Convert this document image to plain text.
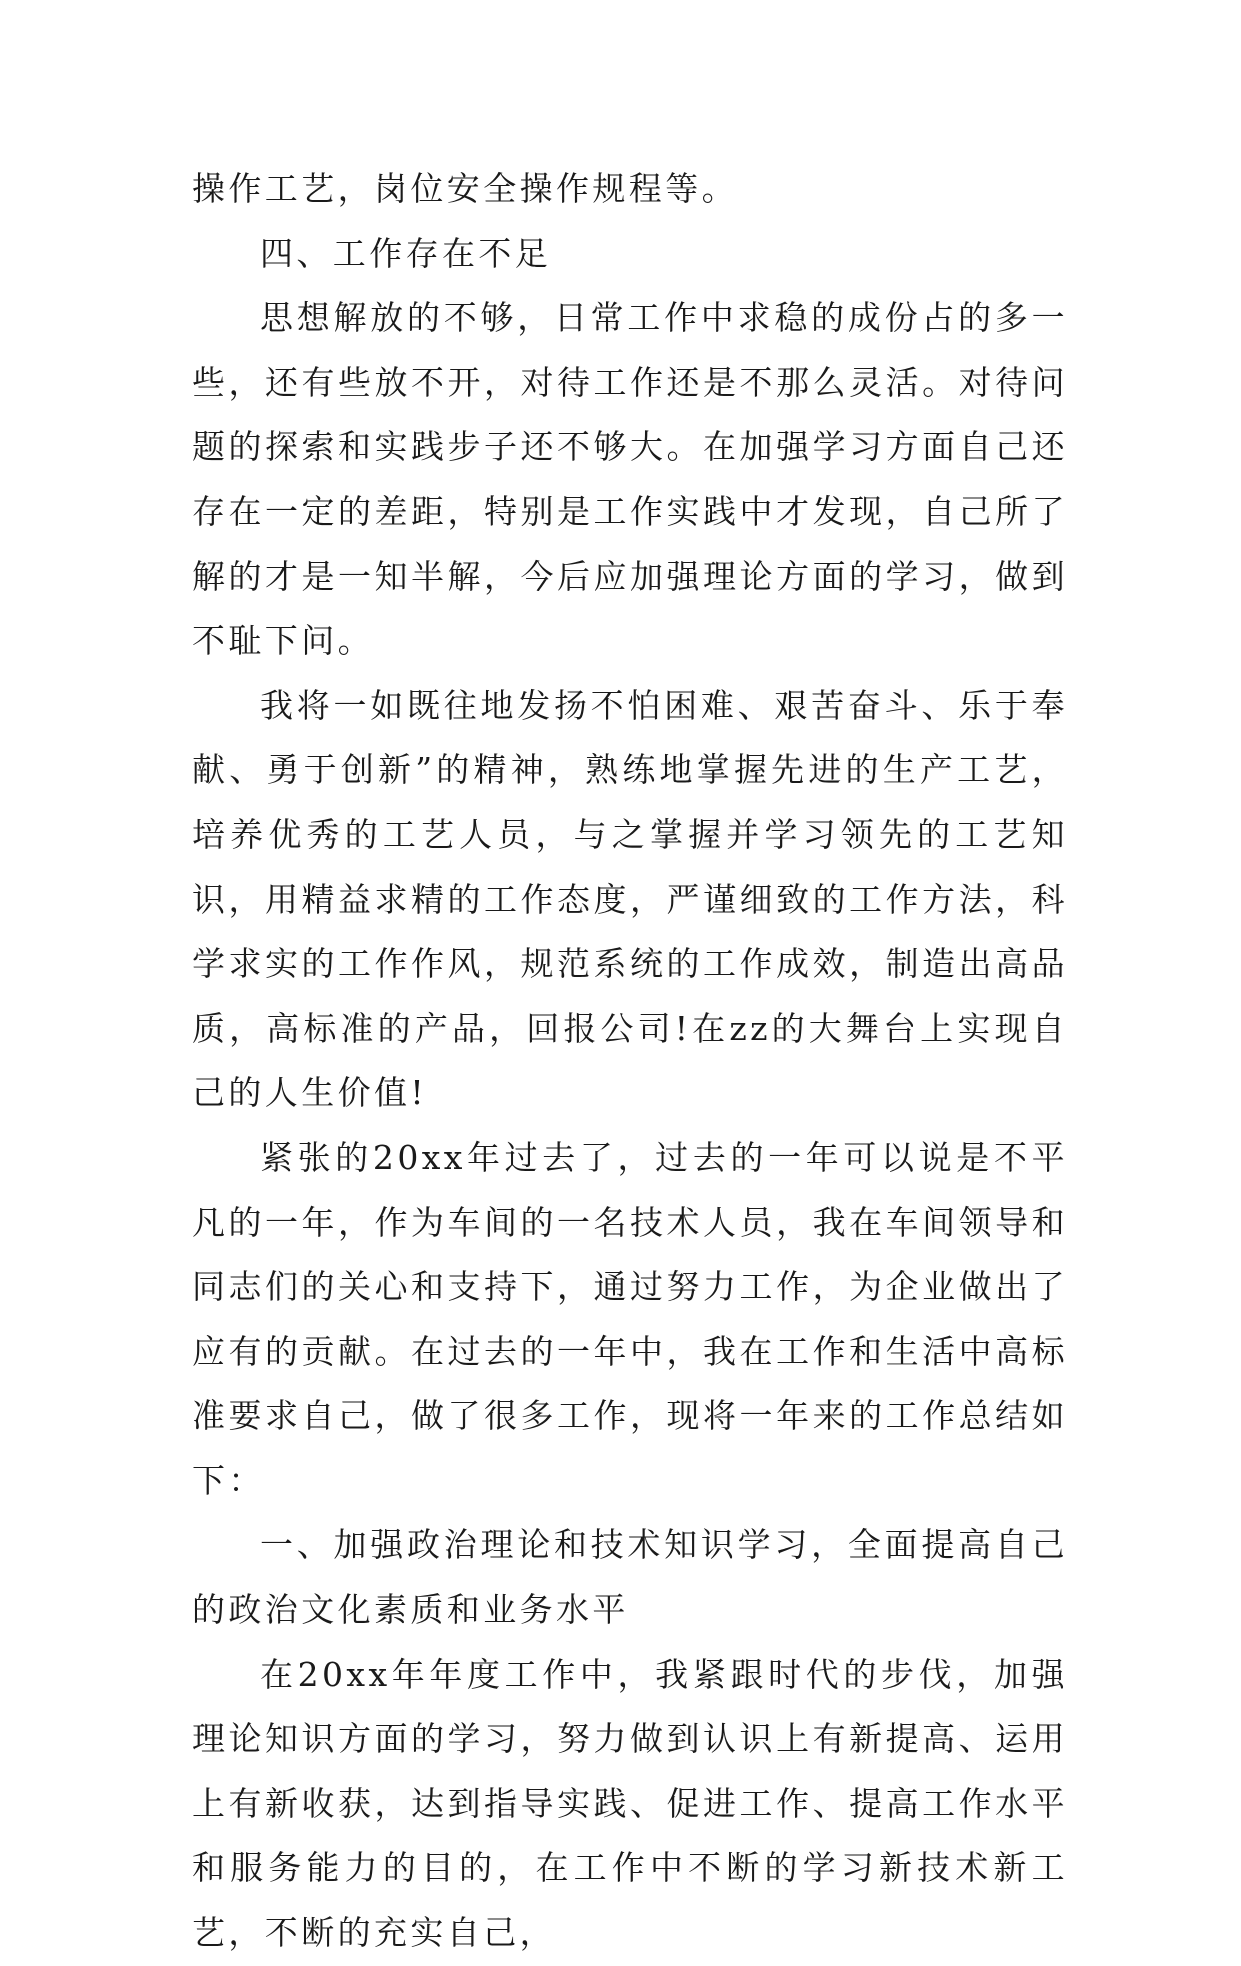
操作工艺，岗位安全操作规程等。

四、工作存在不足

思想解放的不够，日常工作中求稳的成份占的多一些，还有些放不开，对待工作还是不那么灵活。对待问题的探索和实践步子还不够大。在加强学习方面自己还存在一定的差距，特别是工作实践中才发现，自己所了解的才是一知半解，今后应加强理论方面的学习，做到不耻下问。

我将一如既往地发扬不怕困难、艰苦奋斗、乐于奉献、勇于创新”的精神，熟练地掌握先进的生产工艺，培养优秀的工艺人员，与之掌握并学习领先的工艺知识，用精益求精的工作态度，严谨细致的工作方法，科学求实的工作作风，规范系统的工作成效，制造出高品质，高标准的产品，回报公司!在zz的大舞台上实现自己的人生价值!

紧张的20xx年过去了，过去的一年可以说是不平凡的一年，作为车间的一名技术人员，我在车间领导和同志们的关心和支持下，通过努力工作，为企业做出了应有的贡献。在过去的一年中，我在工作和生活中高标准要求自己，做了很多工作，现将一年来的工作总结如下：

一、加强政治理论和技术知识学习，全面提高自己的政治文化素质和业务水平

在20xx年年度工作中，我紧跟时代的步伐，加强理论知识方面的学习，努力做到认识上有新提高、运用上有新收获，达到指导实践、促进工作、提高工作水平和服务能力的目的，在工作中不断的学习新技术新工艺，不断的充实自己，
